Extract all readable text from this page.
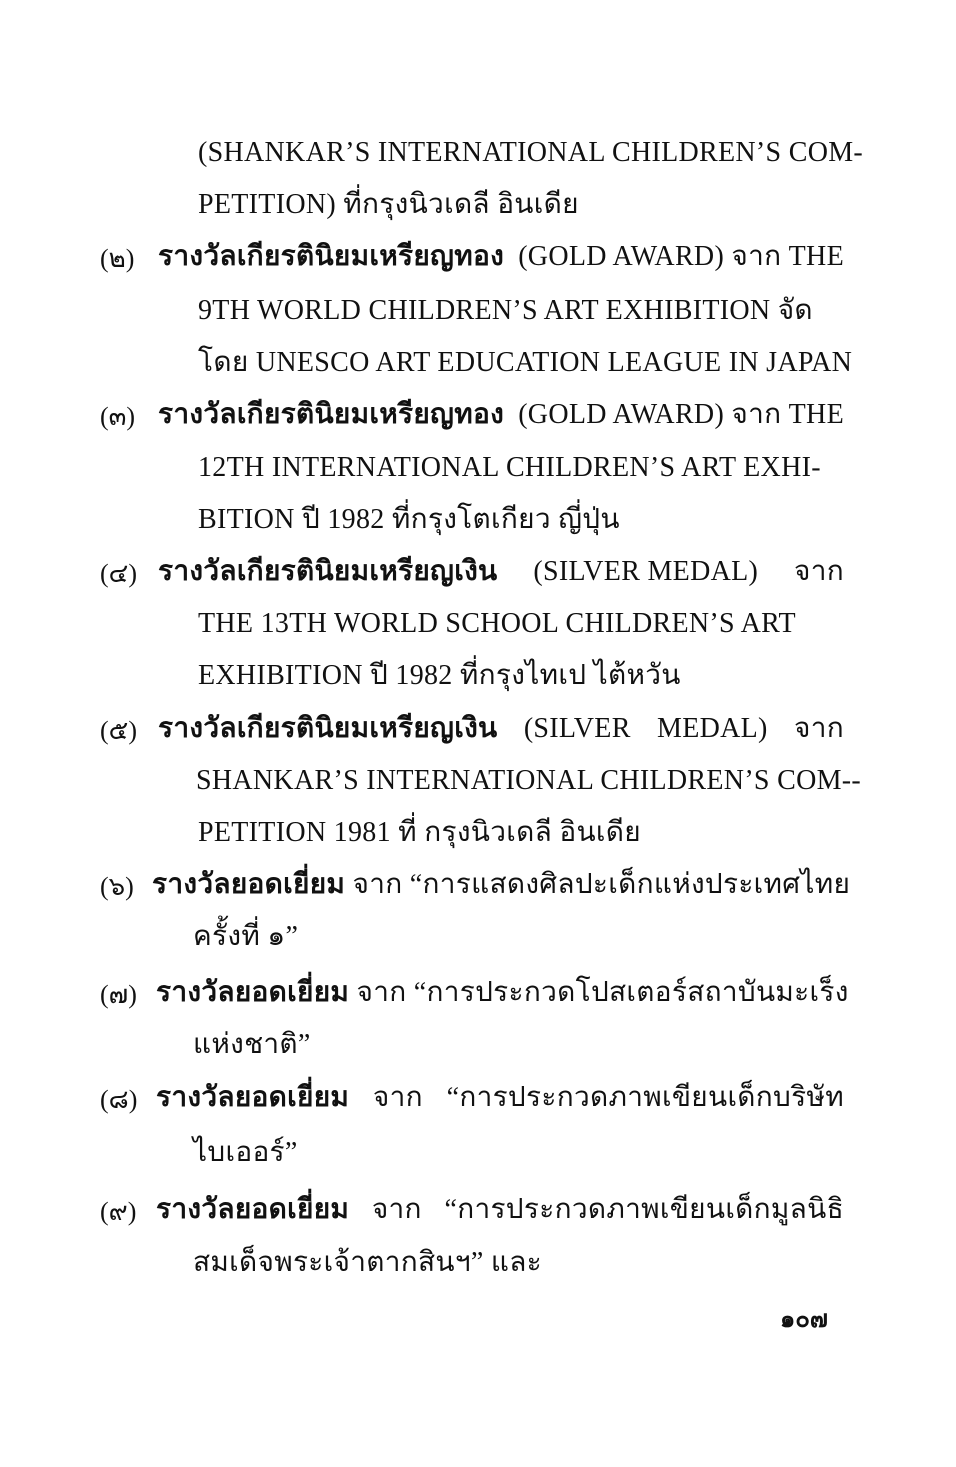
(SHANKAR’S INTERNATIONAL CHILDREN’S COM-
PETITION) ที่กรุงนิวเดลี อินเดีย
(๒) รางวัลเกียรตินิยมเหรียญทอง (GOLD AWARD) จาก THE
9TH WORLD CHILDREN’S ART EXHIBITION จัด
โดย UNESCO ART EDUCATION LEAGUE IN JAPAN
(๓) รางวัลเกียรตินิยมเหรียญทอง (GOLD AWARD) จาก THE
12TH INTERNATIONAL CHILDREN’S ART EXHI-
BITION ปี 1982 ที่กรุงโตเกียว ญี่ปุ่น
(๔) รางวัลเกียรตินิยมเหรียญเงิน (SILVER MEDAL) จาก
THE 13TH WORLD SCHOOL CHILDREN’S ART
EXHIBITION ปี 1982 ที่กรุงไทเป ไต้หวัน
(๕) รางวัลเกียรตินิยมเหรียญเงิน (SILVER MEDAL) จาก
SHANKAR’S INTERNATIONAL CHILDREN’S COM--
PETITION 1981 ที่ กรุงนิวเดลี อินเดีย
(๖) รางวัลยอดเยี่ยม จาก “การแสดงศิลปะเด็กแห่งประเทศไทย
ครั้งที่ ๑”
(๗) รางวัลยอดเยี่ยม จาก “การประกวดโปสเตอร์สถาบันมะเร็ง
แห่งชาติ”
(๘) รางวัลยอดเยี่ยม จาก “การประกวดภาพเขียนเด็กบริษัท
ไบเออร์”
(๙) รางวัลยอดเยี่ยม จาก “การประกวดภาพเขียนเด็กมูลนิธิ
สมเด็จพระเจ้าตากสินฯ” และ
๑๐๗
